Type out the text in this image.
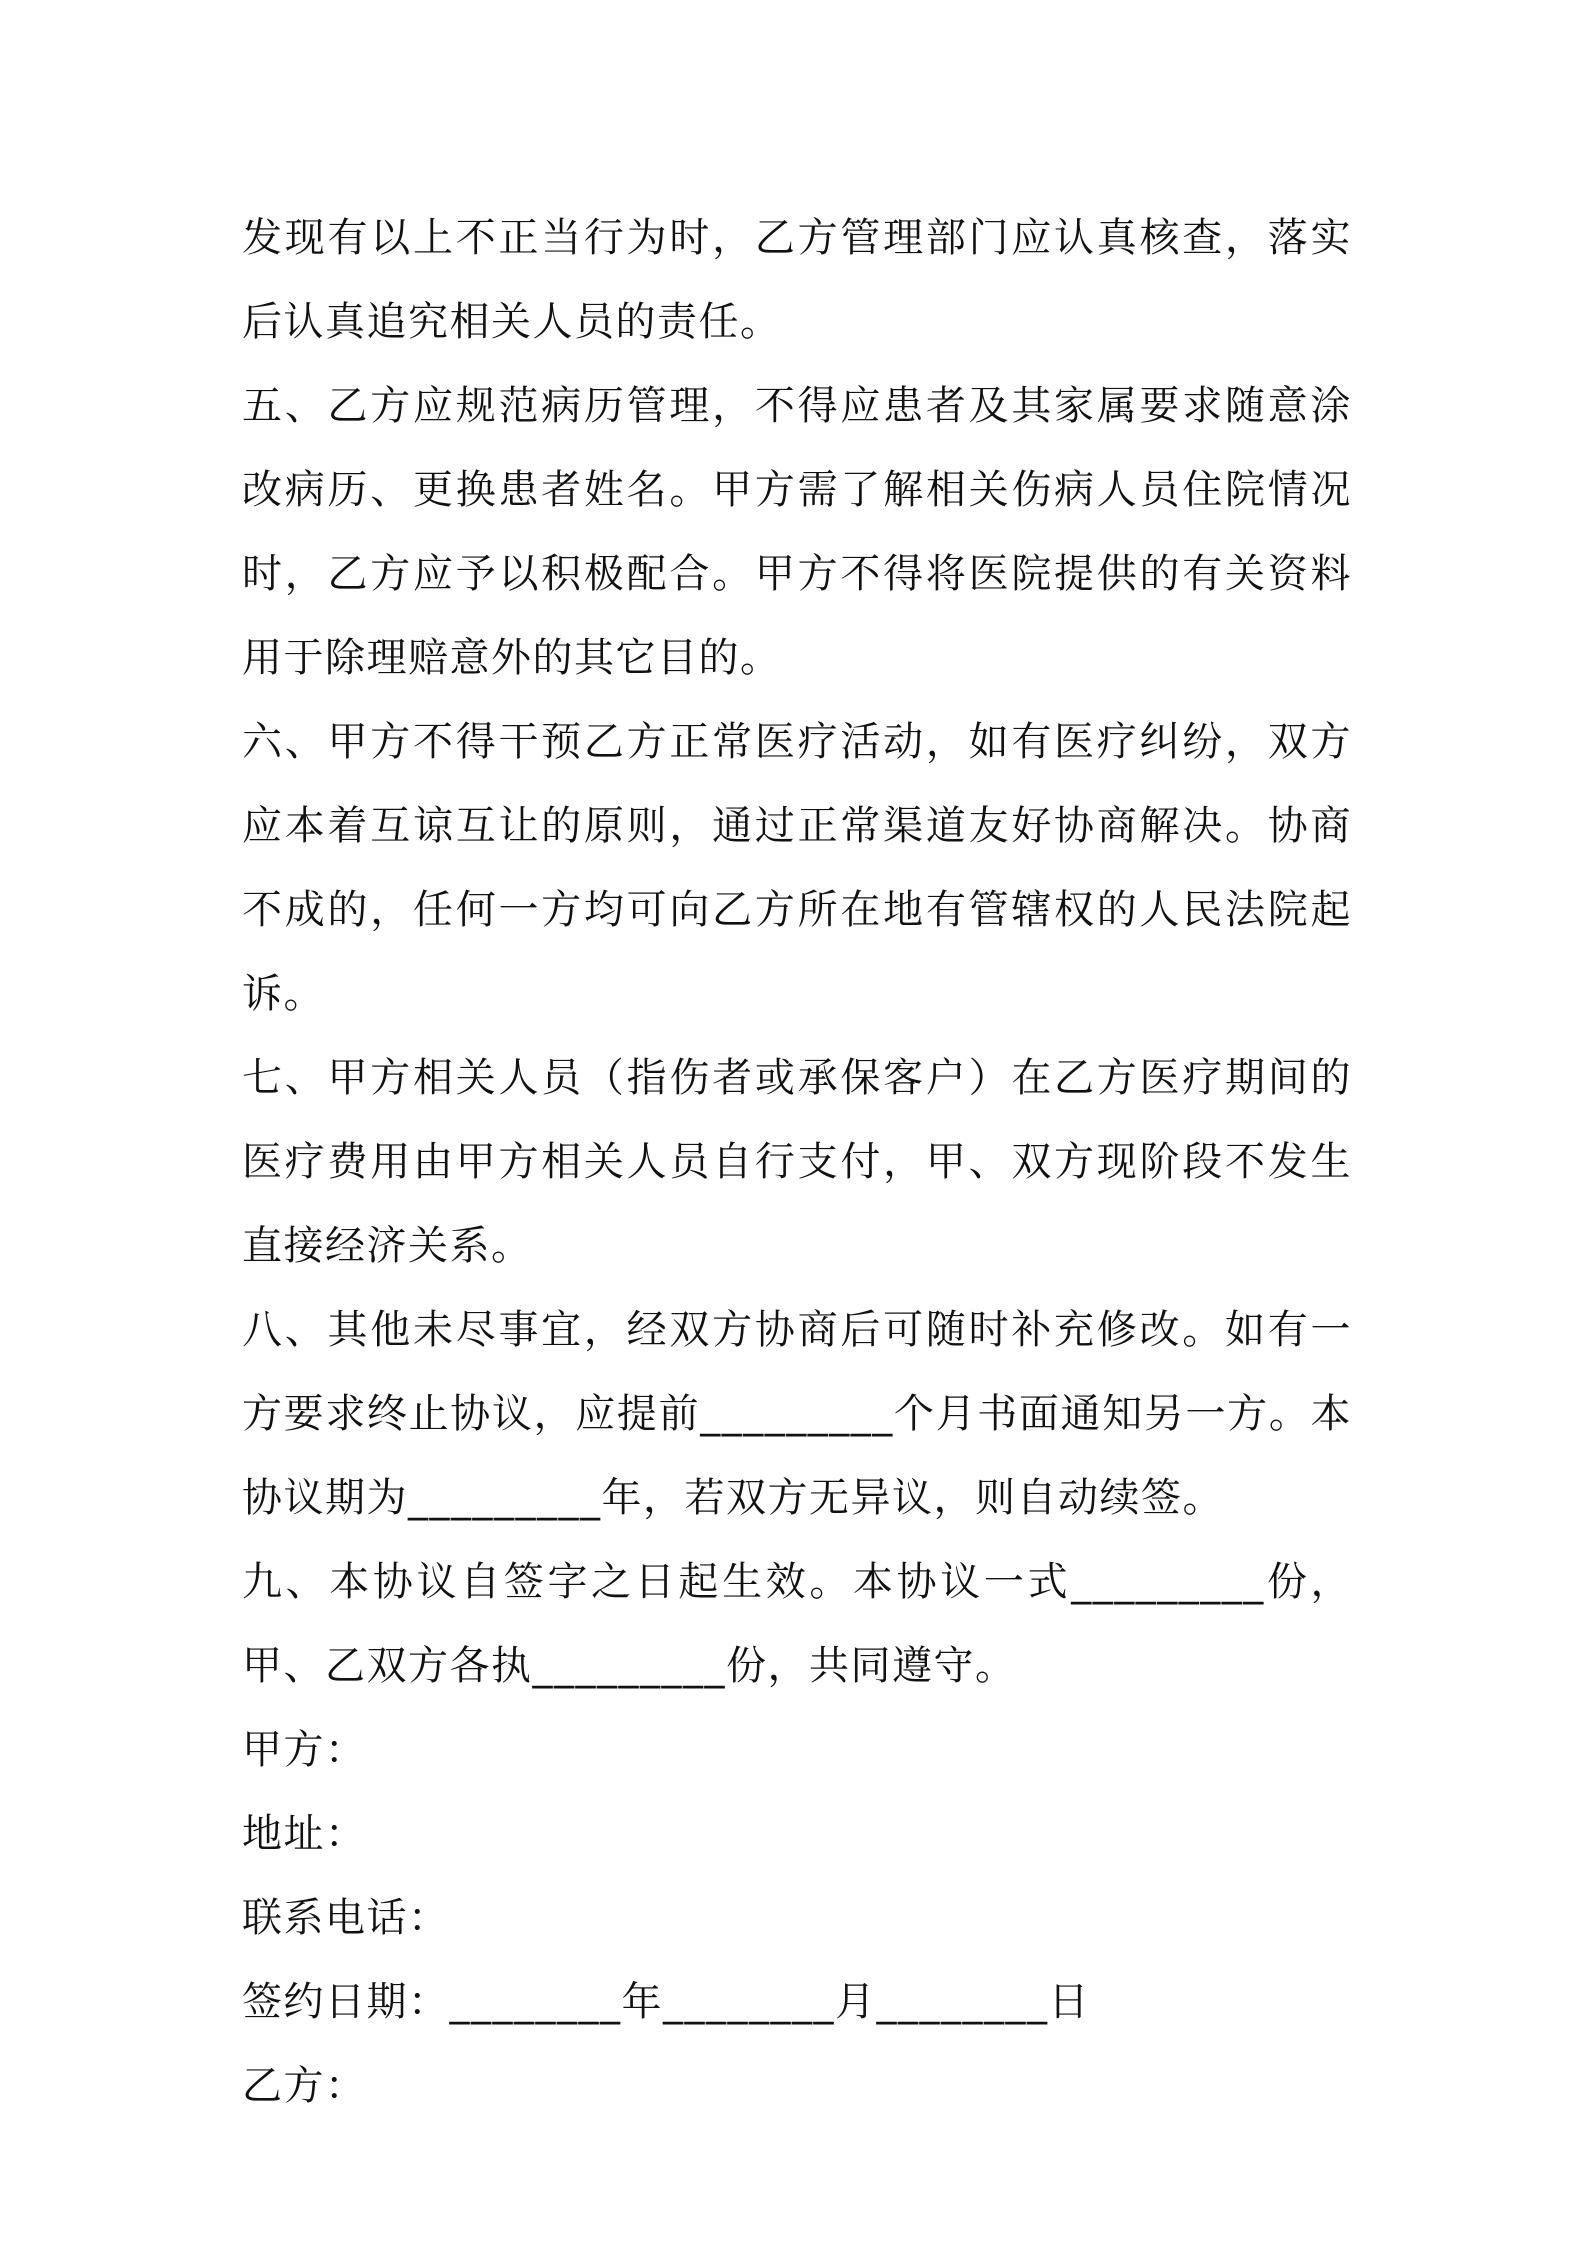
发现有以上不正当行为时，乙方管理部门应认真核查，落实后认真追究相关人员的责任。

五、乙方应规范病历管理，不得应患者及其家属要求随意涂改病历、更换患者姓名。甲方需了解相关伤病人员住院情况时，乙方应予以积极配合。甲方不得将医院提供的有关资料用于除理赔意外的其它目的。

六、甲方不得干预乙方正常医疗活动，如有医疗纠纷，双方应本着互谅互让的原则，通过正常渠道友好协商解决。协商不成的，任何一方均可向乙方所在地有管辖权的人民法院起诉。

七、甲方相关人员（指伤者或承保客户）在乙方医疗期间的医疗费用由甲方相关人员自行支付，甲、双方现阶段不发生直接经济关系。

八、其他未尽事宜，经双方协商后可随时补充修改。如有一方要求终止协议，应提前_________个月书面通知另一方。本协议期为_________年，若双方无异议，则自动续签。

九、本协议自签字之日起生效。本协议一式_________份，甲、乙双方各执_________份，共同遵守。

甲方：

地址：

联系电话：

签约日期：________年________月________日

乙方：
